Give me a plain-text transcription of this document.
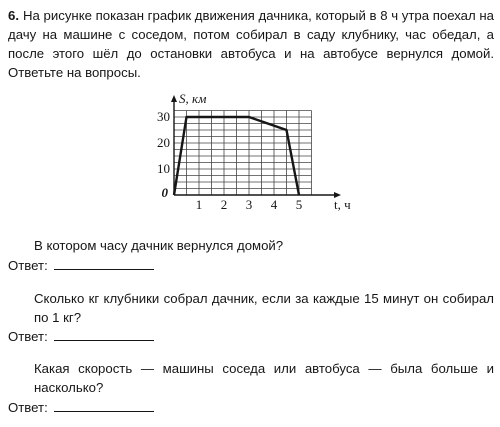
6. На рисунке показан график движения дачника, который в 8 ч утра поехал на дачу на машине с соседом, потом собирал в саду клубнику, час обедал, а после этого шёл до остановки автобуса и на автобусе вернулся домой. Ответьте на вопросы.

1 2 3 4 5
10
20
30
0
S, км
t, ч

В котором часу дачник вернулся домой?

Ответ:

Сколько кг клубники собрал дачник, если за каждые 15 минут он собирал по 1 кг?

Ответ:

Какая скорость — машины соседа или автобуса — была больше и насколько?

Ответ:
